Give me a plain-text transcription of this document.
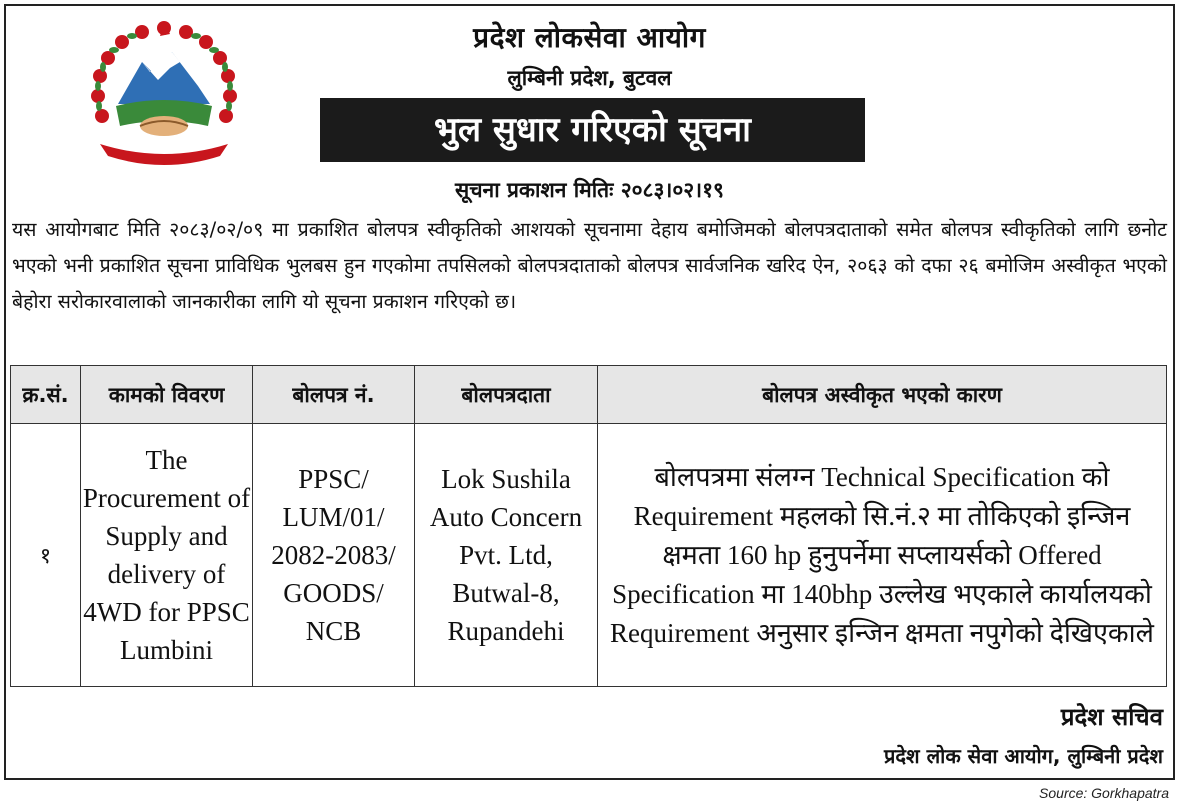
प्रदेश लोकसेवा आयोग
लुम्बिनी प्रदेश, बुटवल
भुल सुधार गरिएको सूचना
सूचना प्रकाशन मितिः २०८३।०२।१९
यस आयोगबाट मिति २०८३/०२/०९ मा प्रकाशित बोलपत्र स्वीकृतिको आशयको सूचनामा देहाय बमोजिमको बोलपत्रदाताको समेत बोलपत्र स्वीकृतिको लागि छनोट भएको भनी प्रकाशित सूचना प्राविधिक भुलबस हुन गएकोमा तपसिलको बोलपत्रदाताको बोलपत्र सार्वजनिक खरिद ऐन, २०६३ को दफा २६ बमोजिम अस्वीकृत भएको बेहोरा सरोकारवालाको जानकारीका लागि यो सूचना प्रकाशन गरिएको छ।
क्र.सं.	कामको विवरण	बोलपत्र नं.	बोलपत्रदाता	बोलपत्र अस्वीकृत भएको कारण
१	The Procurement of Supply and delivery of 4WD for PPSC Lumbini	PPSC/ LUM/01/ 2082-2083/ GOODS/ NCB	Lok Sushila Auto Concern Pvt. Ltd, Butwal-8, Rupandehi	बोलपत्रमा संलग्न Technical Specification को Requirement महलको सि.नं.२ मा तोकिएको इन्जिन क्षमता 160 hp हुनुपर्नेमा सप्लायर्सको Offered Specification मा 140bhp उल्लेख भएकाले कार्यालयको Requirement अनुसार इन्जिन क्षमता नपुगेको देखिएकाले
प्रदेश सचिव
प्रदेश लोक सेवा आयोग, लुम्बिनी प्रदेश
Source: Gorkhapatra
